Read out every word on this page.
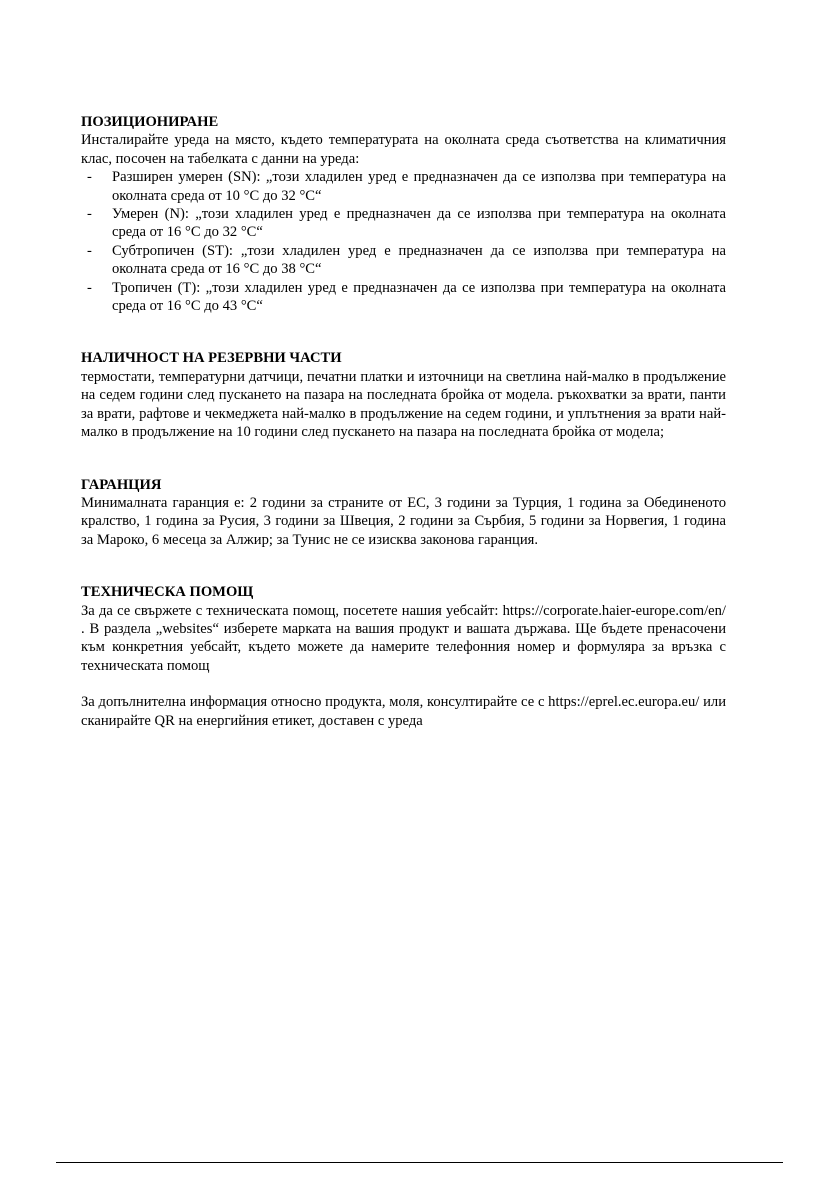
ПОЗИЦИОНИРАНЕ

Инсталирайте уреда на място, където температурата на околната среда съответства на климатичния клас, посочен на табелката с данни на уреда:

- Разширен умерен (SN): „този хладилен уред е предназначен да се използва при температура на околната среда от 10 °C до 32 °C“
- Умерен (N): „този хладилен уред е предназначен да се използва при температура на околната среда от 16 °C до 32 °C“
- Субтропичен (ST): „този хладилен уред е предназначен да се използва при температура на околната среда от 16 °C до 38 °C“
- Тропичен (T): „този хладилен уред е предназначен да се използва при температура на околната среда от 16 °C до 43 °C“
НАЛИЧНОСТ НА РЕЗЕРВНИ ЧАСТИ

термостати, температурни датчици, печатни платки и източници на светлина най-малко в продължение на седем години след пускането на пазара на последната бройка от модела. ръкохватки за врати, панти за врати, рафтове и чекмеджета най-малко в продължение на седем години, и уплътнения за врати най-малко в продължение на 10 години след пускането на пазара на последната бройка от модела;

ГАРАНЦИЯ

Минималната гаранция е: 2 години за страните от ЕС, 3 години за Турция, 1 година за Обединеното кралство, 1 година за Русия, 3 години за Швеция, 2 години за Сърбия, 5 години за Норвегия, 1 година за Мароко, 6 месеца за Алжир; за Тунис не се изисква законова гаранция.

ТЕХНИЧЕСКА ПОМОЩ

За да се свържете с техническата помощ, посетете нашия уебсайт: https://corporate.haier-europe.com/en/ . В раздела „websites“ изберете марката на вашия продукт и вашата държава. Ще бъдете пренасочени към конкретния уебсайт, където можете да намерите телефонния номер и формуляра за връзка с техническата помощ

За допълнителна информация относно продукта, моля, консултирайте се с https://eprel.ec.europa.eu/ или сканирайте QR на енергийния етикет, доставен с уреда
